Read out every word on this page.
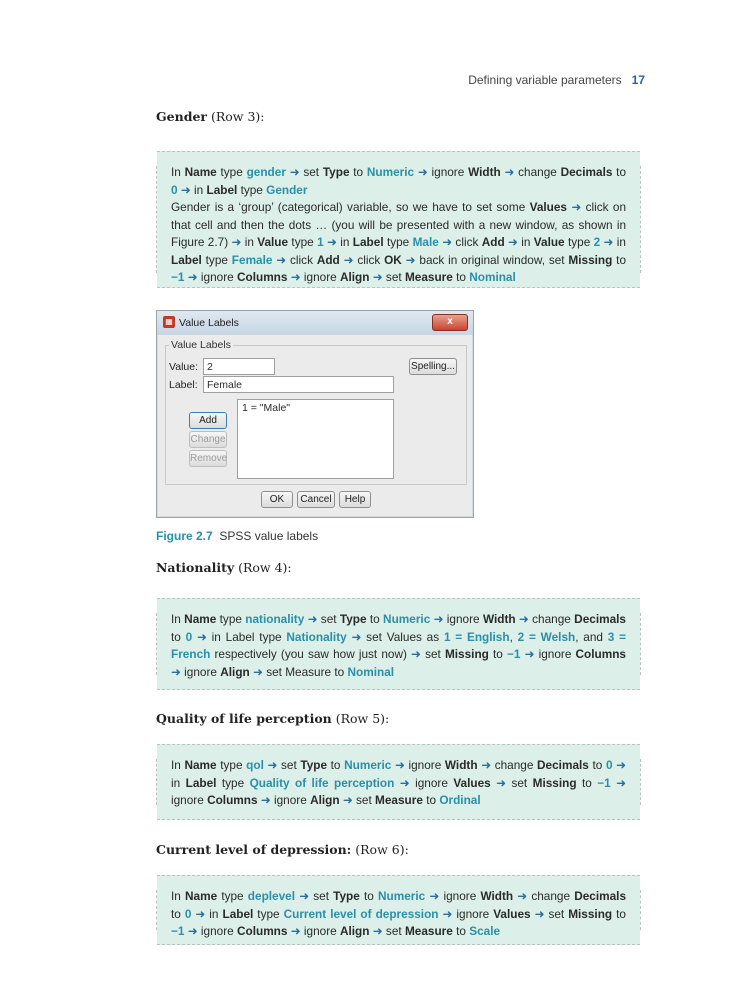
Defining variable parameters 17
Gender (Row 3):

In Name type gender ➜ set Type to Numeric ➜ ignore Width ➜ change Decimals to 0 ➜ in Label type Gender
Gender is a ‘group’ (categorical) variable, so we have to set some Values ➜ click on that cell and then the dots … (you will be presented with a new window, as shown in Figure 2.7) ➜ in Value type 1 ➜ in Label type Male ➜ click Add ➜ in Value type 2 ➜ in Label type Female ➜ click Add ➜ click OK ➜ back in original window, set Missing to −1 ➜ ignore Columns ➜ ignore Align ➜ set Measure to Nominal

▦ Value Labels	x
Value Labels
Value: 2	Spelling...
Label: Female
Add
Change
Remove
1 = "Male"
OK	Cancel	Help
Figure 2.7 SPSS value labels
Nationality (Row 4):

In Name type nationality ➜ set Type to Numeric ➜ ignore Width ➜ change Decimals to 0 ➜ in Label type Nationality ➜ set Values as 1 = English, 2 = Welsh, and 3 = French respectively (you saw how just now) ➜ set Missing to −1 ➜ ignore Columns ➜ ignore Align ➜ set Measure to Nominal

Quality of life perception (Row 5):

In Name type qol ➜ set Type to Numeric ➜ ignore Width ➜ change Decimals to 0 ➜ in Label type Quality of life perception ➜ ignore Values ➜ set Missing to −1 ➜ ignore Columns ➜ ignore Align ➜ set Measure to Ordinal

Current level of depression: (Row 6):

In Name type deplevel ➜ set Type to Numeric ➜ ignore Width ➜ change Decimals to 0 ➜ in Label type Current level of depression ➜ ignore Values ➜ set Missing to −1 ➜ ignore Columns ➜ ignore Align ➜ set Measure to Scale
